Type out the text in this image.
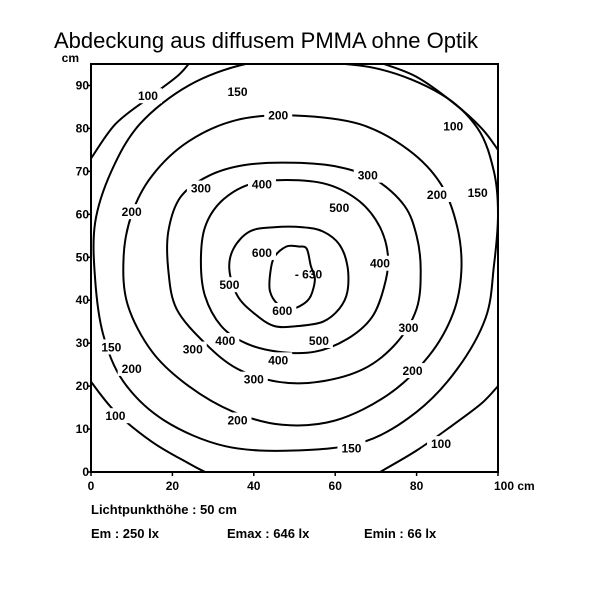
Abdeckung aus diffusem PMMA ohne Optik
100
100
100
100
150
150
150
150
200
200
200
200
200
200
300
300
300
300
300	400
400
400
400
500
500
500
600
600
- 630
0	20	40	60	80	100 cm
0
10
20
30
40
50
60
70
80
90
cm
Lichtpunkthöhe : 50 cm
Em : 250 lx	Emax : 646 lx	Emin : 66 lx
